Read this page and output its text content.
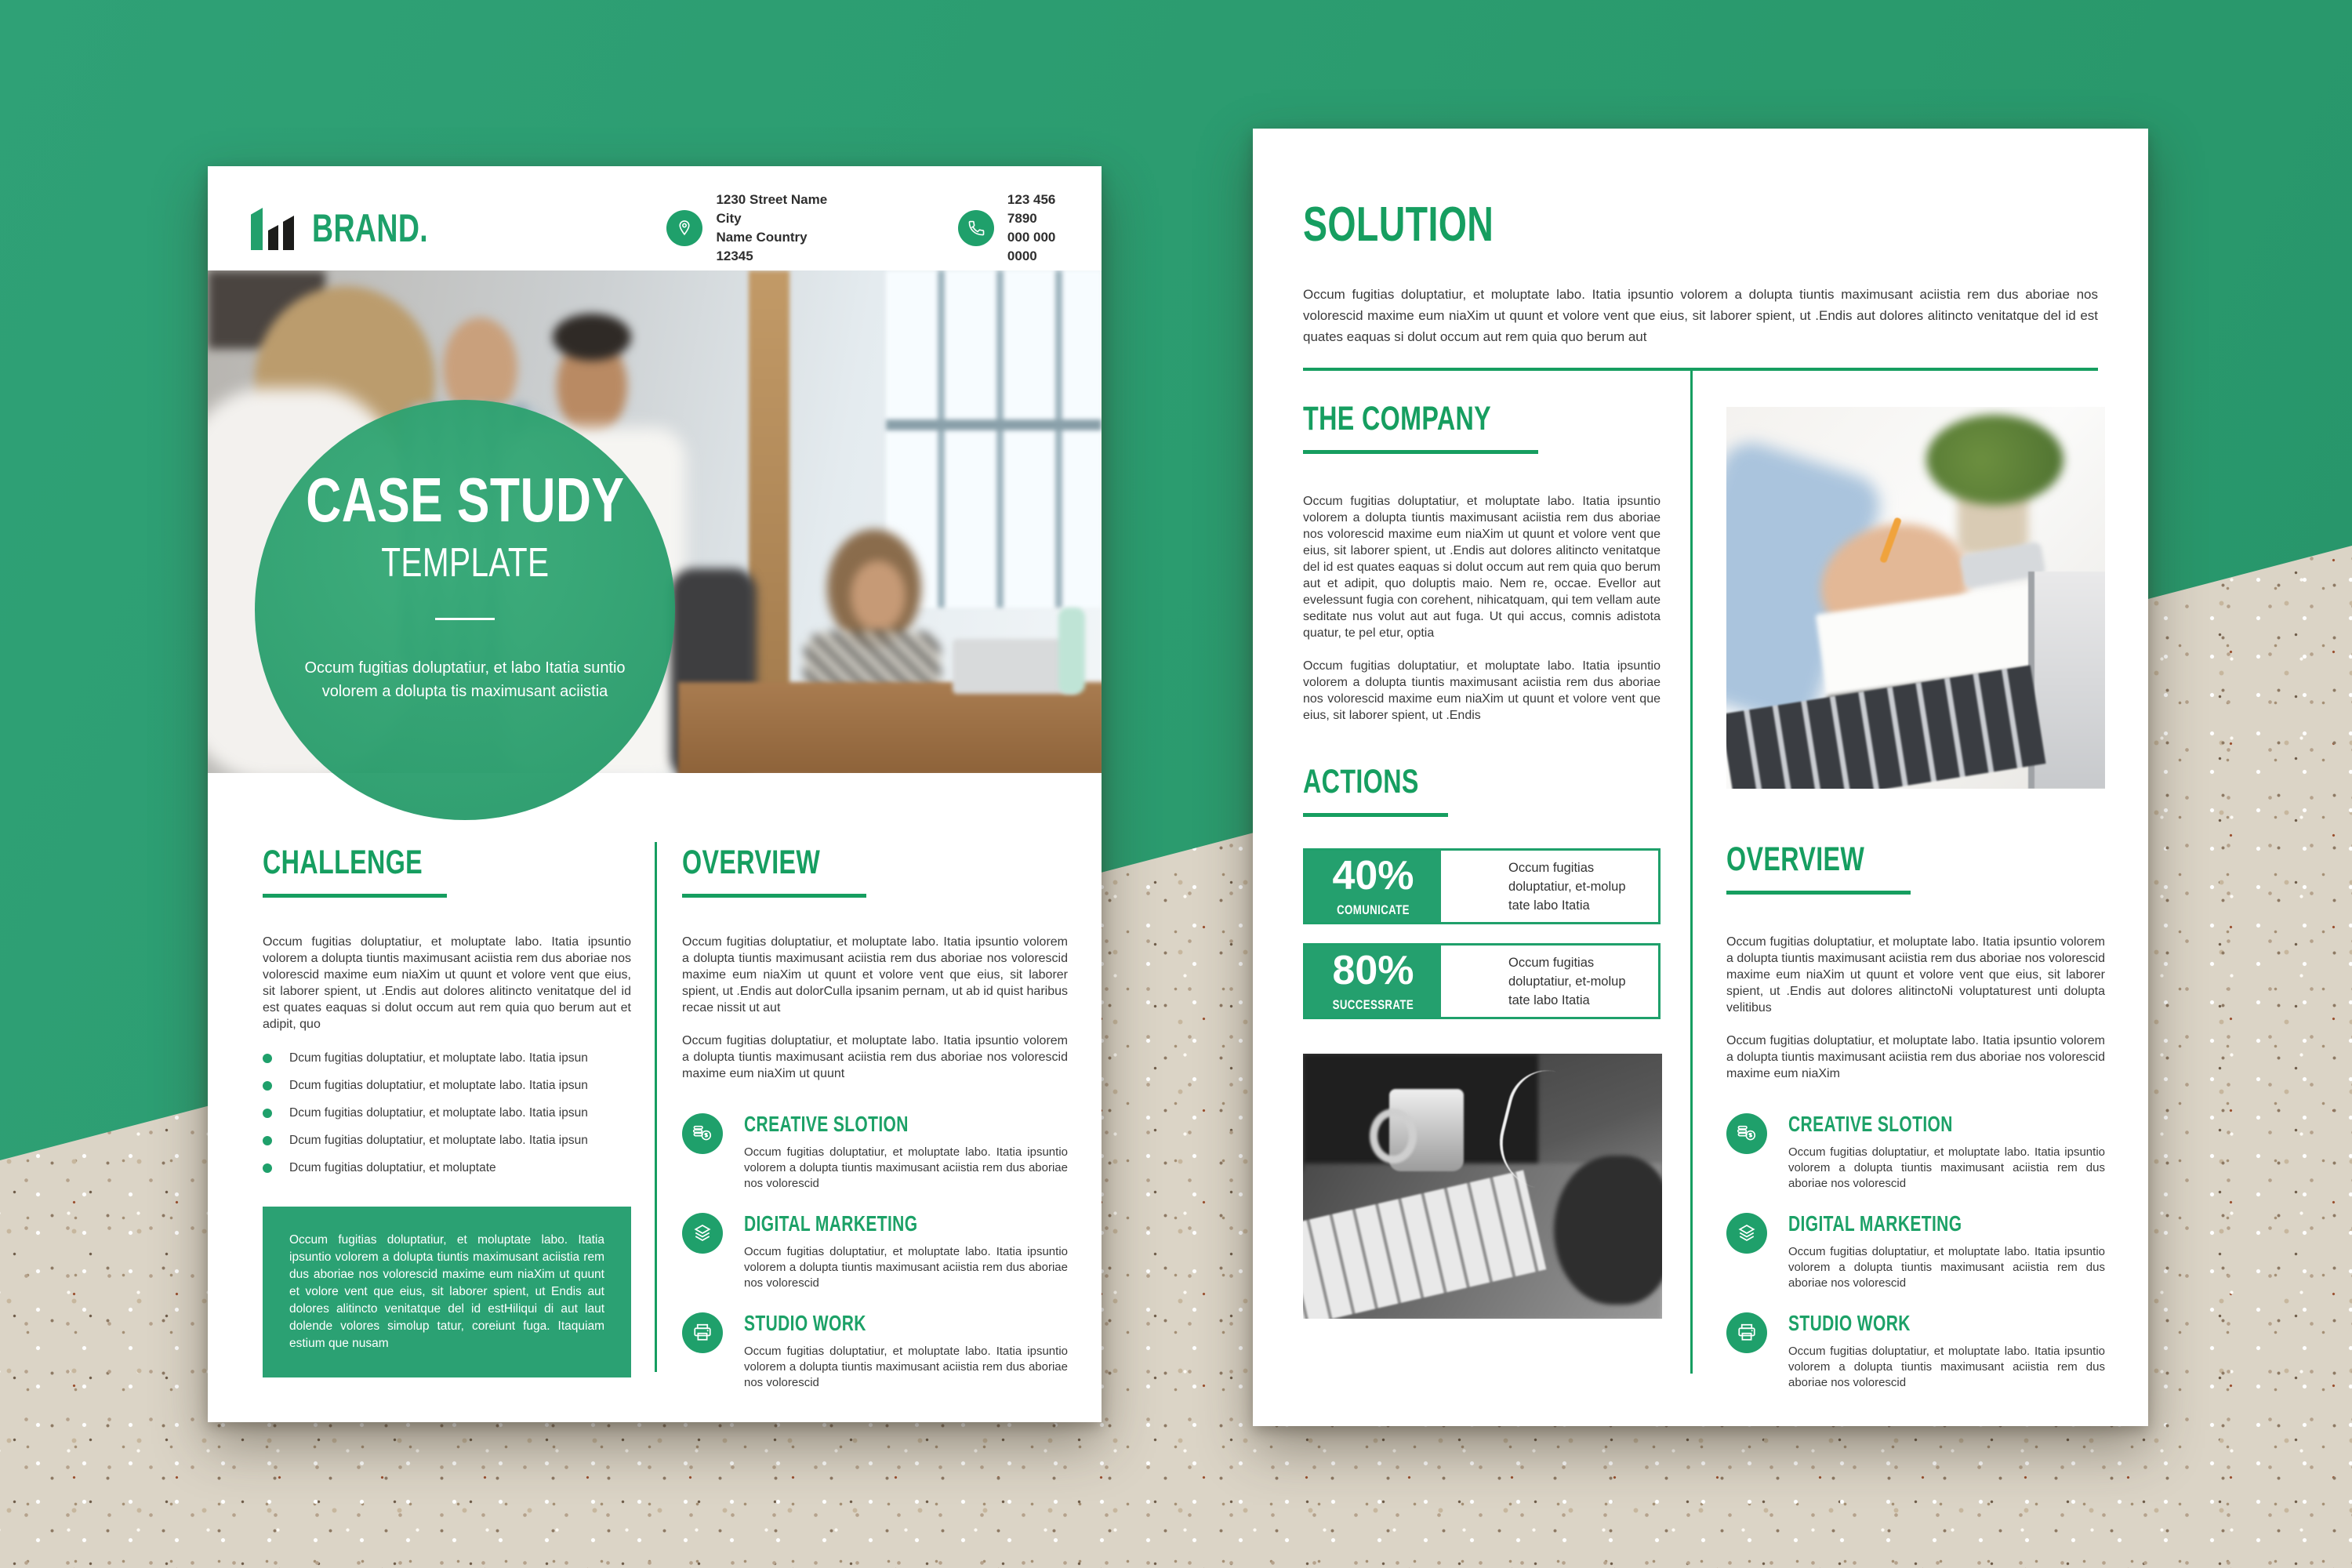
BRAND.
1230 Street Name City
Name Country 12345
123 456 7890
000 000 0000
CASE STUDY
TEMPLATE
Occum fugitias doluptatiur, et labo Itatia suntio volorem a dolupta tis maximusant aciistia
CHALLENGE

Occum fugitias doluptatiur, et moluptate labo. Itatia ipsuntio volorem a dolupta tiuntis maximusant aciistia rem dus aboriae nos volorescid maxime eum niaXim ut quunt et volore vent que eius, sit laborer spient, ut .Endis aut dolores alitincto venitatque del id est quates eaquas si dolut occum aut rem quia quo berum aut et adipit, quo

Dcum fugitias doluptatiur, et moluptate labo. Itatia ipsun
Dcum fugitias doluptatiur, et moluptate labo. Itatia ipsun
Dcum fugitias doluptatiur, et moluptate labo. Itatia ipsun
Dcum fugitias doluptatiur, et moluptate labo. Itatia ipsun
Dcum fugitias doluptatiur, et moluptate

Occum fugitias doluptatiur, et moluptate labo. Itatia ipsuntio volorem a dolupta tiuntis maximusant aciistia rem dus aboriae nos volorescid maxime eum niaXim ut quunt et volore vent que eius, sit laborer spient, ut Endis aut dolores alitincto venitatque del id estHiliqui di aut laut dolende volores simolup tatur, coreiunt fuga. Itaquiam estium que nusam

OVERVIEW

Occum fugitias doluptatiur, et moluptate labo. Itatia ipsuntio volorem a dolupta tiuntis maximusant aciistia rem dus aboriae nos volorescid maxime eum niaXim ut quunt et volore vent que eius, sit laborer spient, ut .Endis aut dolorCulla ipsanim pernam, ut ab id quist haribus recae nissit ut aut

Occum fugitias doluptatiur, et moluptate labo. Itatia ipsuntio volorem a dolupta tiuntis maximusant aciistia rem dus aboriae nos volorescid maxime eum niaXim ut quunt

CREATIVE SLOTION

Occum fugitias doluptatiur, et moluptate labo. Itatia ipsuntio volorem a dolupta tiuntis maximusant aciistia rem dus aboriae nos volorescid

DIGITAL MARKETING

Occum fugitias doluptatiur, et moluptate labo. Itatia ipsuntio volorem a dolupta tiuntis maximusant aciistia rem dus aboriae nos volorescid

STUDIO WORK

Occum fugitias doluptatiur, et moluptate labo. Itatia ipsuntio volorem a dolupta tiuntis maximusant aciistia rem dus aboriae nos volorescid

SOLUTION

Occum fugitias doluptatiur, et moluptate labo. Itatia ipsuntio volorem a dolupta tiuntis maximusant aciistia rem dus aboriae nos volorescid maxime eum niaXim ut quunt et volore vent que eius, sit laborer spient, ut .Endis aut dolores alitincto venitatque del id est quates eaquas si dolut occum aut rem quia quo berum aut

THE COMPANY

Occum fugitias doluptatiur, et moluptate labo. Itatia ipsuntio volorem a dolupta tiuntis maximusant aciistia rem dus aboriae nos volorescid maxime eum niaXim ut quunt et volore vent que eius, sit laborer spient, ut .Endis aut dolores alitincto venitatque del id est quates eaquas si dolut occum aut rem quia quo berum aut et adipit, quo doluptis maio. Nem re, occae. Evellor aut evelessunt fugia con corehent, nihicatquam, qui tem vellam aute seditate nus volut aut aut fuga. Ut qui accus, comnis adistota quatur, te pel etur, optia

Occum fugitias doluptatiur, et moluptate labo. Itatia ipsuntio volorem a dolupta tiuntis maximusant aciistia rem dus aboriae nos volorescid maxime eum niaXim ut quunt et volore vent que eius, sit laborer spient, ut .Endis

ACTIONS
40%
COMUNICATE
Occum fugitias doluptatiur, et-molup tate labo Itatia
80%
SUCCESSRATE
Occum fugitias doluptatiur, et-molup tate labo Itatia
OVERVIEW

Occum fugitias doluptatiur, et moluptate labo. Itatia ipsuntio volorem a dolupta tiuntis maximusant aciistia rem dus aboriae nos volorescid maxime eum niaXim ut quunt et volore vent que eius, sit laborer spient, ut .Endis aut dolores alitinctoNi voluptaturest unti dolupta velitibus

Occum fugitias doluptatiur, et moluptate labo. Itatia ipsuntio volorem a dolupta tiuntis maximusant aciistia rem dus aboriae nos volorescid maxime eum niaXim

CREATIVE SLOTION

Occum fugitias doluptatiur, et moluptate labo. Itatia ipsuntio volorem a dolupta tiuntis maximusant aciistia rem dus aboriae nos volorescid

DIGITAL MARKETING

Occum fugitias doluptatiur, et moluptate labo. Itatia ipsuntio volorem a dolupta tiuntis maximusant aciistia rem dus aboriae nos volorescid

STUDIO WORK

Occum fugitias doluptatiur, et moluptate labo. Itatia ipsuntio volorem a dolupta tiuntis maximusant aciistia rem dus aboriae nos volorescid
